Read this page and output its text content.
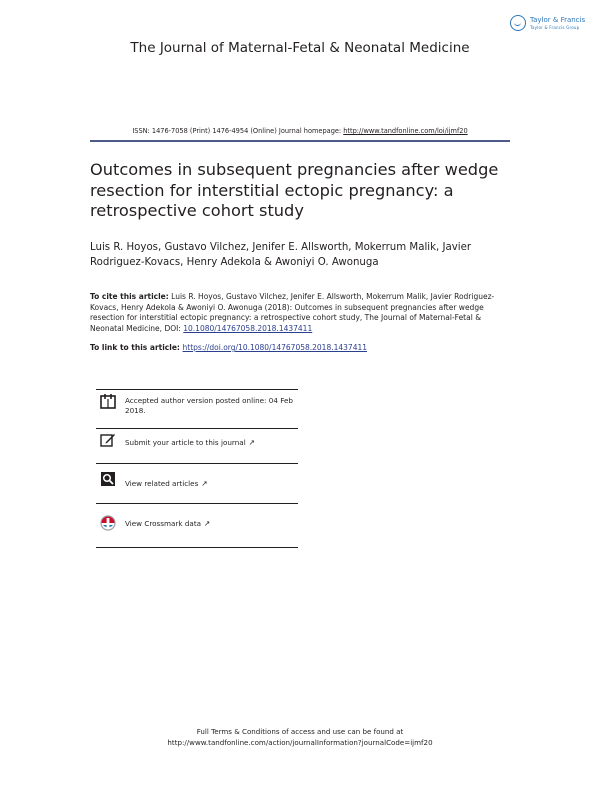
Taylor & Francis
Taylor & Francis Group
The Journal of Maternal-Fetal & Neonatal Medicine
ISSN: 1476-7058 (Print) 1476-4954 (Online) Journal homepage: http://www.tandfonline.com/loi/ijmf20
Outcomes in subsequent pregnancies after wedge resection for interstitial ectopic pregnancy: a retrospective cohort study
Luis R. Hoyos, Gustavo Vilchez, Jenifer E. Allsworth, Mokerrum Malik, Javier Rodriguez-Kovacs, Henry Adekola & Awoniyi O. Awonuga
To cite this article: Luis R. Hoyos, Gustavo Vilchez, Jenifer E. Allsworth, Mokerrum Malik, Javier Rodriguez-Kovacs, Henry Adekola & Awoniyi O. Awonuga (2018): Outcomes in subsequent pregnancies after wedge resection for interstitial ectopic pregnancy: a retrospective cohort study, The Journal of Maternal-Fetal & Neonatal Medicine, DOI: 10.1080/14767058.2018.1437411
To link to this article: https://doi.org/10.1080/14767058.2018.1437411
Accepted author version posted online: 04 Feb 2018.
Submit your article to this journal ↗
View related articles ↗
View Crossmark data ↗
Full Terms & Conditions of access and use can be found at
http://www.tandfonline.com/action/journalInformation?journalCode=ijmf20
